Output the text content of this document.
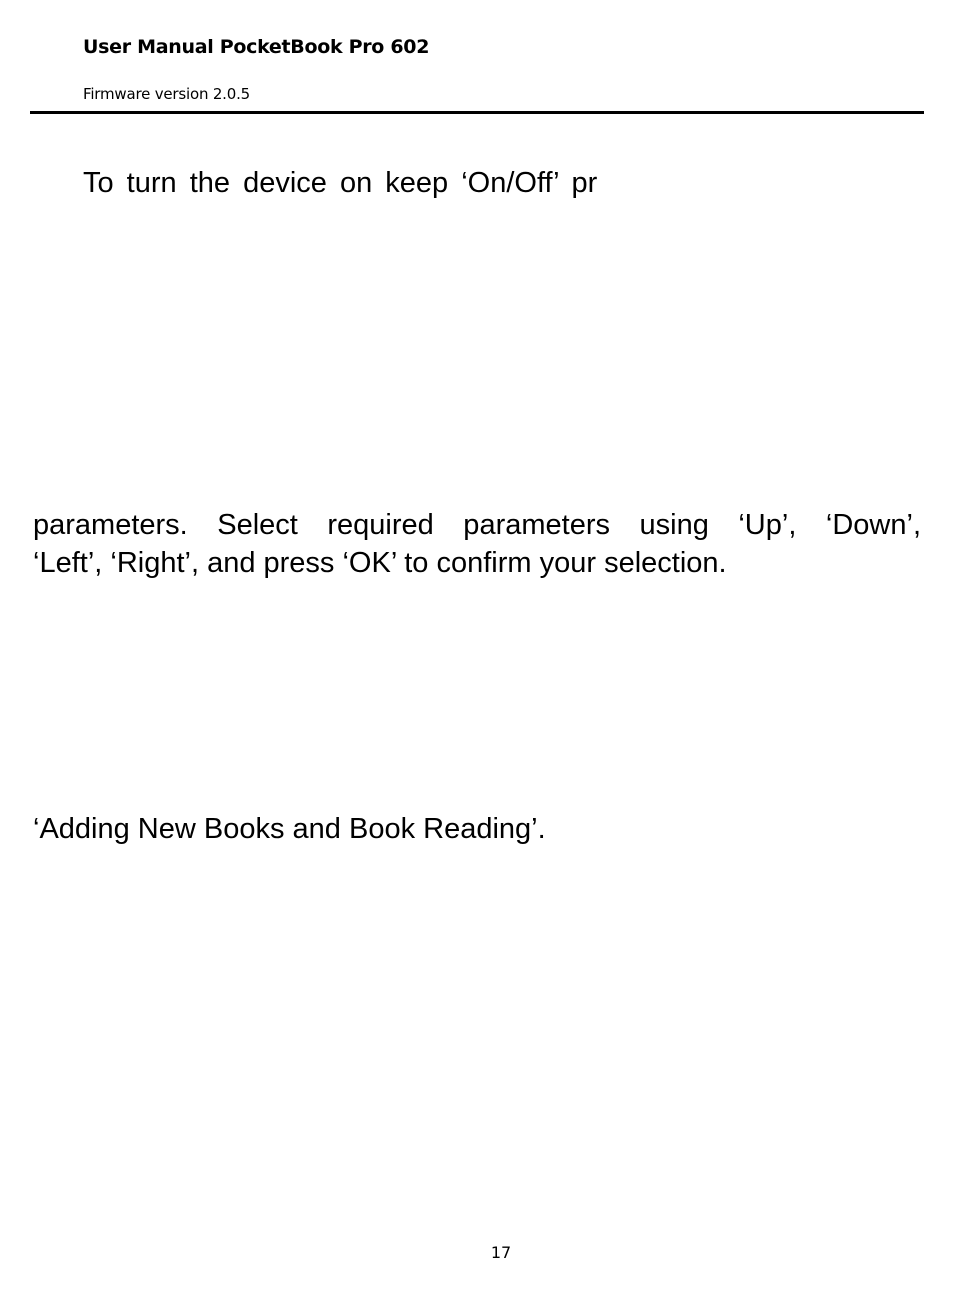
User Manual PocketBook Pro 602
Firmware version 2.0.5
To turn the device on keep ‘On/Off’ pr
parameters. Select required parameters using ‘Up’, ‘Down’,
‘Left’, ‘Right’, and press ‘OK’ to confirm your selection.
‘Adding New Books and Book Reading’.
17
